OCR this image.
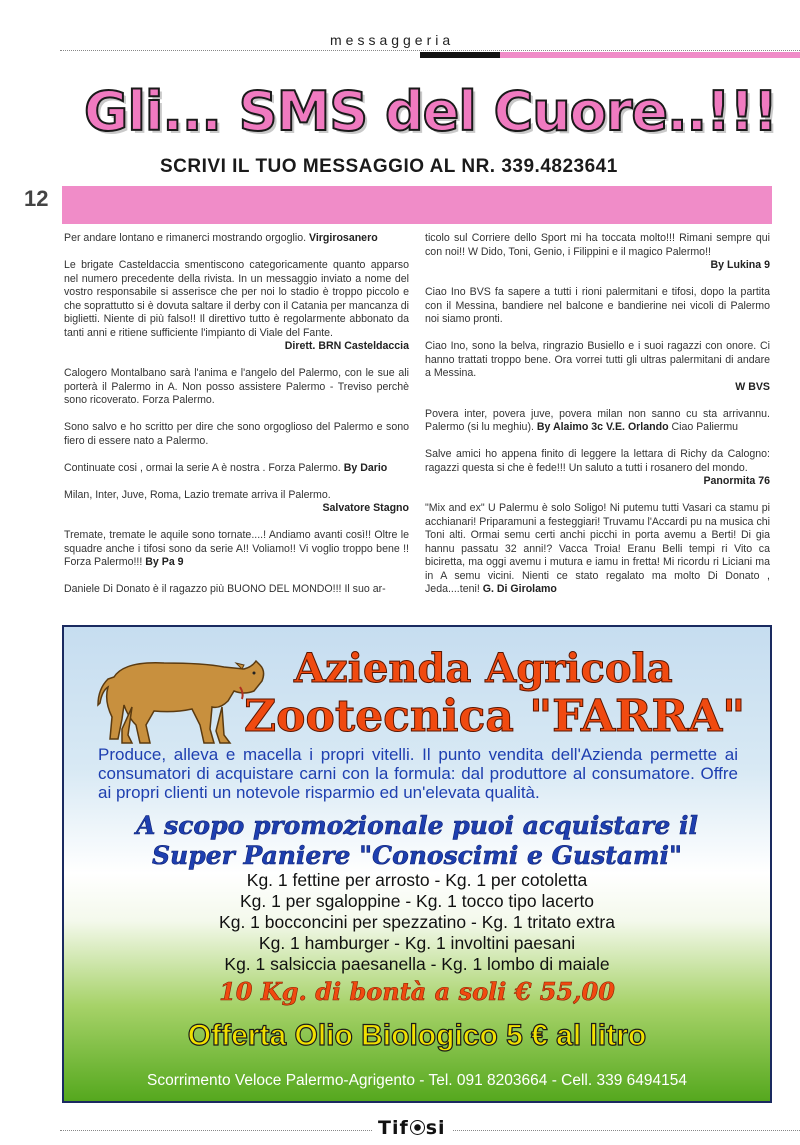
messaggeria
Gli... SMS del Cuore..!!!
SCRIVI IL TUO MESSAGGIO AL NR. 339.4823641
12

Per andare lontano e rimanerci mostrando orgoglio. Virgirosanero

Le brigate Casteldaccia smentiscono categoricamente quanto apparso nel numero precedente della rivista. In un messaggio inviato a nome del vostro responsabile si asserisce che per noi lo stadio è troppo piccolo e che soprattutto si è dovuta saltare il derby con il Catania per mancanza di biglietti. Niente di più falso!! Il direttivo tutto è regolarmente abbonato da tanti anni e ritiene sufficiente l'impianto di Viale del Fante.
Dirett. BRN Casteldaccia

Calogero Montalbano sarà l'anima e l'angelo del Palermo, con le sue ali porterà il Palermo in A. Non posso assistere Palermo - Treviso perchè sono ricoverato. Forza Palermo.

Sono salvo e ho scritto per dire che sono orgoglioso del Palermo e sono fiero di essere nato a Palermo.

Continuate cosi , ormai la serie A è nostra . Forza Palermo. By Dario

Milan, Inter, Juve, Roma, Lazio tremate arriva il Palermo.
Salvatore Stagno

Tremate, tremate le aquile sono tornate....! Andiamo avanti così!! Oltre le squadre anche i tifosi sono da serie A!! Voliamo!! Vi voglio troppo bene !! Forza Palermo!!! By Pa 9

Daniele Di Donato è il ragazzo più BUONO DEL MONDO!!! Il suo ar-

ticolo sul Corriere dello Sport mi ha toccata molto!!! Rimani sempre qui con noi!! W Dido, Toni, Genio, i Filippini e il magico Palermo!!
By Lukina 9

Ciao Ino BVS fa sapere a tutti i rioni palermitani e tifosi, dopo la partita con il Messina, bandiere nel balcone e bandierine nei vicoli di Palermo noi siamo pronti.

Ciao Ino, sono la belva, ringrazio Busiello e i suoi ragazzi con onore. Ci hanno trattati troppo bene. Ora vorrei tutti gli ultras palermitani di andare a Messina.
W BVS

Povera inter, povera juve, povera milan non sanno cu sta arrivannu. Palermo (si lu meghiu). By Alaimo 3c V.E. Orlando Ciao Paliermu

Salve amici ho appena finito di leggere la lettara di Richy da Calogno: ragazzi questa si che è fede!!! Un saluto a tutti i rosanero del mondo.
Panormita 76

"Mix and ex" U Palermu è solo Soligo! Ni putemu tutti Vasari ca stamu pi acchianari! Priparamuni a festeggiari! Truvamu l'Accardi pu na musica chi Toni alti. Ormai semu certi anchi picchi in porta avemu a Berti! Di gia hannu passatu 32 anni!? Vacca Troia! Eranu Belli tempi ri Vito ca biciretta, ma oggi avemu i mutura e iamu in fretta! Mi ricordu ri Liciani ma in A semu vicini. Nienti ce stato regalato ma molto Di Donato , Jeda....teni! G. Di Girolamo

Azienda Agricola
Zootecnica "FARRA"

Produce, alleva e macella i propri vitelli. Il punto vendita dell'Azienda permette ai consumatori di acquistare carni con la formula: dal produttore al consumatore. Offre ai propri clienti un notevole risparmio ed un'elevata qualità.

A scopo promozionale puoi acquistare il
Super Paniere "Conoscimi e Gustami"
Kg. 1 fettine per arrosto - Kg. 1 per cotoletta
Kg. 1 per sgaloppine - Kg. 1 tocco tipo lacerto
Kg. 1 bocconcini per spezzatino - Kg. 1 tritato extra
Kg. 1 hamburger - Kg. 1 involtini paesani
Kg. 1 salsiccia paesanella - Kg. 1 lombo di maiale
10 Kg. di bontà a soli € 55,00
Offerta Olio Biologico 5 € al litro
Scorrimento Veloce Palermo-Agrigento - Tel. 091 8203664 - Cell. 339 6494154
Tif si
